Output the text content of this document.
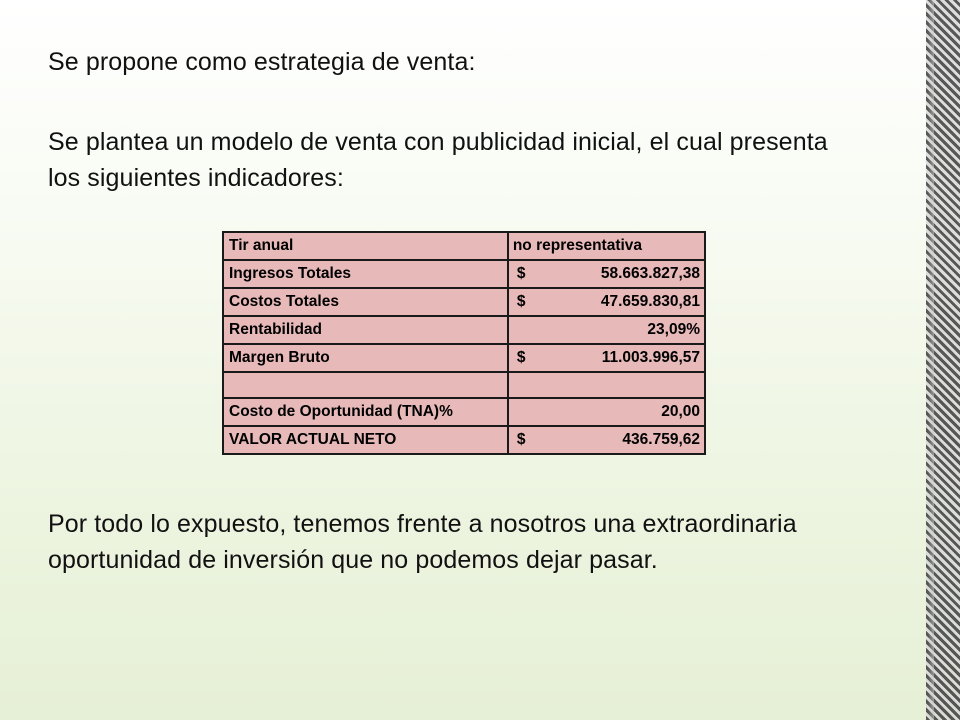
Se propone como estrategia de venta:
Se plantea un modelo de venta con publicidad inicial, el cual presenta los siguientes indicadores:
Tir anual	no representativa
Ingresos Totales	$ 58.663.827,38

Costos Totales	$ 47.659.830,81

Rentabilidad	23,09%
Margen Bruto	$ 11.003.996,57

Costo de Oportunidad (TNA)%	20,00
VALOR ACTUAL NETO	$ 436.759,62
Por todo lo expuesto, tenemos frente a nosotros una extraordinaria oportunidad de inversión que no podemos dejar pasar.
